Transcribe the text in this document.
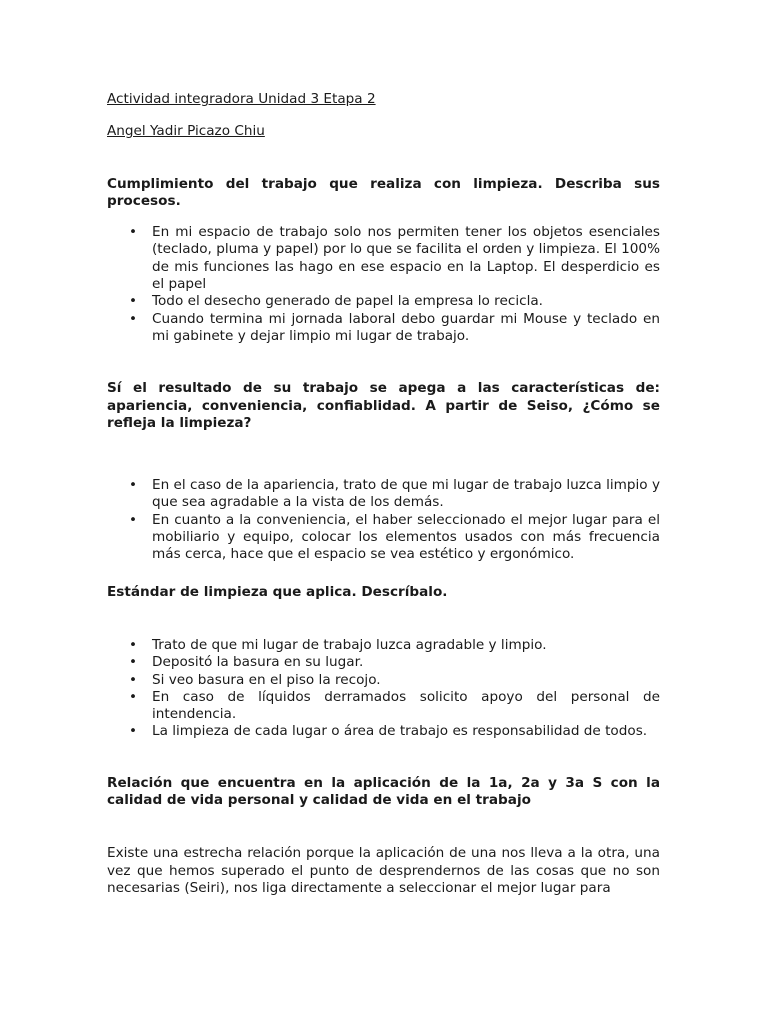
Actividad integradora Unidad 3 Etapa 2

Angel Yadir Picazo Chiu

Cumplimiento del trabajo que realiza con limpieza. Describa sus procesos.

• En mi espacio de trabajo solo nos permiten tener los objetos esenciales (teclado, pluma y papel) por lo que se facilita el orden y limpieza. El 100% de mis funciones las hago en ese espacio en la Laptop. El desperdicio es el papel
• Todo el desecho generado de papel la empresa lo recicla.
• Cuando termina mi jornada laboral debo guardar mi Mouse y teclado en mi gabinete y dejar limpio mi lugar de trabajo.

Sí el resultado de su trabajo se apega a las características de: apariencia, conveniencia, confiablidad. A partir de Seiso, ¿Cómo se refleja la limpieza?

• En el caso de la apariencia, trato de que mi lugar de trabajo luzca limpio y que sea agradable a la vista de los demás.
• En cuanto a la conveniencia, el haber seleccionado el mejor lugar para el mobiliario y equipo, colocar los elementos usados con más frecuencia más cerca, hace que el espacio se vea estético y ergonómico.

Estándar de limpieza que aplica. Descríbalo.

• Trato de que mi lugar de trabajo luzca agradable y limpio.
• Depositó la basura en su lugar.
• Si veo basura en el piso la recojo.
• En caso de líquidos derramados solicito apoyo del personal de intendencia.
• La limpieza de cada lugar o área de trabajo es responsabilidad de todos.

Relación que encuentra en la aplicación de la 1a, 2a y 3a S con la calidad de vida personal y calidad de vida en el trabajo

Existe una estrecha relación porque la aplicación de una nos lleva a la otra, una vez que hemos superado el punto de desprendernos de las cosas que no son necesarias (Seiri), nos liga directamente a seleccionar el mejor lugar para
